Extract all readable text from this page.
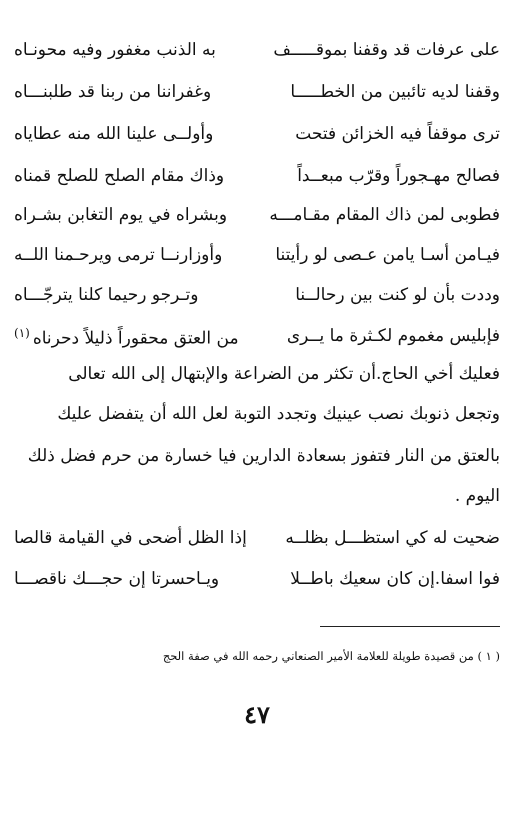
على عرفات قد وقفنا بموقـــــف
به الذنب مغفور وفيه محونـاه
وقفنا لديه تائبين من الخطـــــا
وغفراننا من ربنا قد طلبنـــاه
ترى موقفاً فيه الخزائن فتحت
وأولــى علينا الله منه عطاياه
فصالح مهـجوراً وقرّب مبعــداً
وذاك مقام الصلح للصلح قمناه
فطوبى لمن ذاك المقام مقـامـــه
وبشراه في يوم التغابن بشـراه
فيـامن أسـا يامن عـصى لو رأيتنا
وأوزارنــا ترمى ويرحـمنا اللــه
وددت بأن لو كنت بين رحالــنا
وتـرجو رحيما كلنا يترجّـــاه
فإبليس مغموم لكـثرة ما يــرى
من العتق محقوراً ذليلاً دحرناه$^{(١)}$
فعليك أخي الحاج.أن تكثر من الضراعة والإبتهال إلى الله تعالى
وتجعل ذنوبك نصب عينيك وتجدد التوبة لعل الله أن يتفضل عليك
بالعتق من النار فتفوز بسعادة الدارين فيا خسارة من حرم فضل ذلك
اليوم .
ضحيت له كي استظـــل بظلــه
إذا الظل أضحى في القيامة قالصا
فوا اسفا.إن كان سعيك باطــلا
ويـاحسرتا إن حجـــك ناقصـــا
( ١ ) من قصيدة طويلة للعلامة الأمير الصنعاني رحمه الله في صفة الحج
٤٧
